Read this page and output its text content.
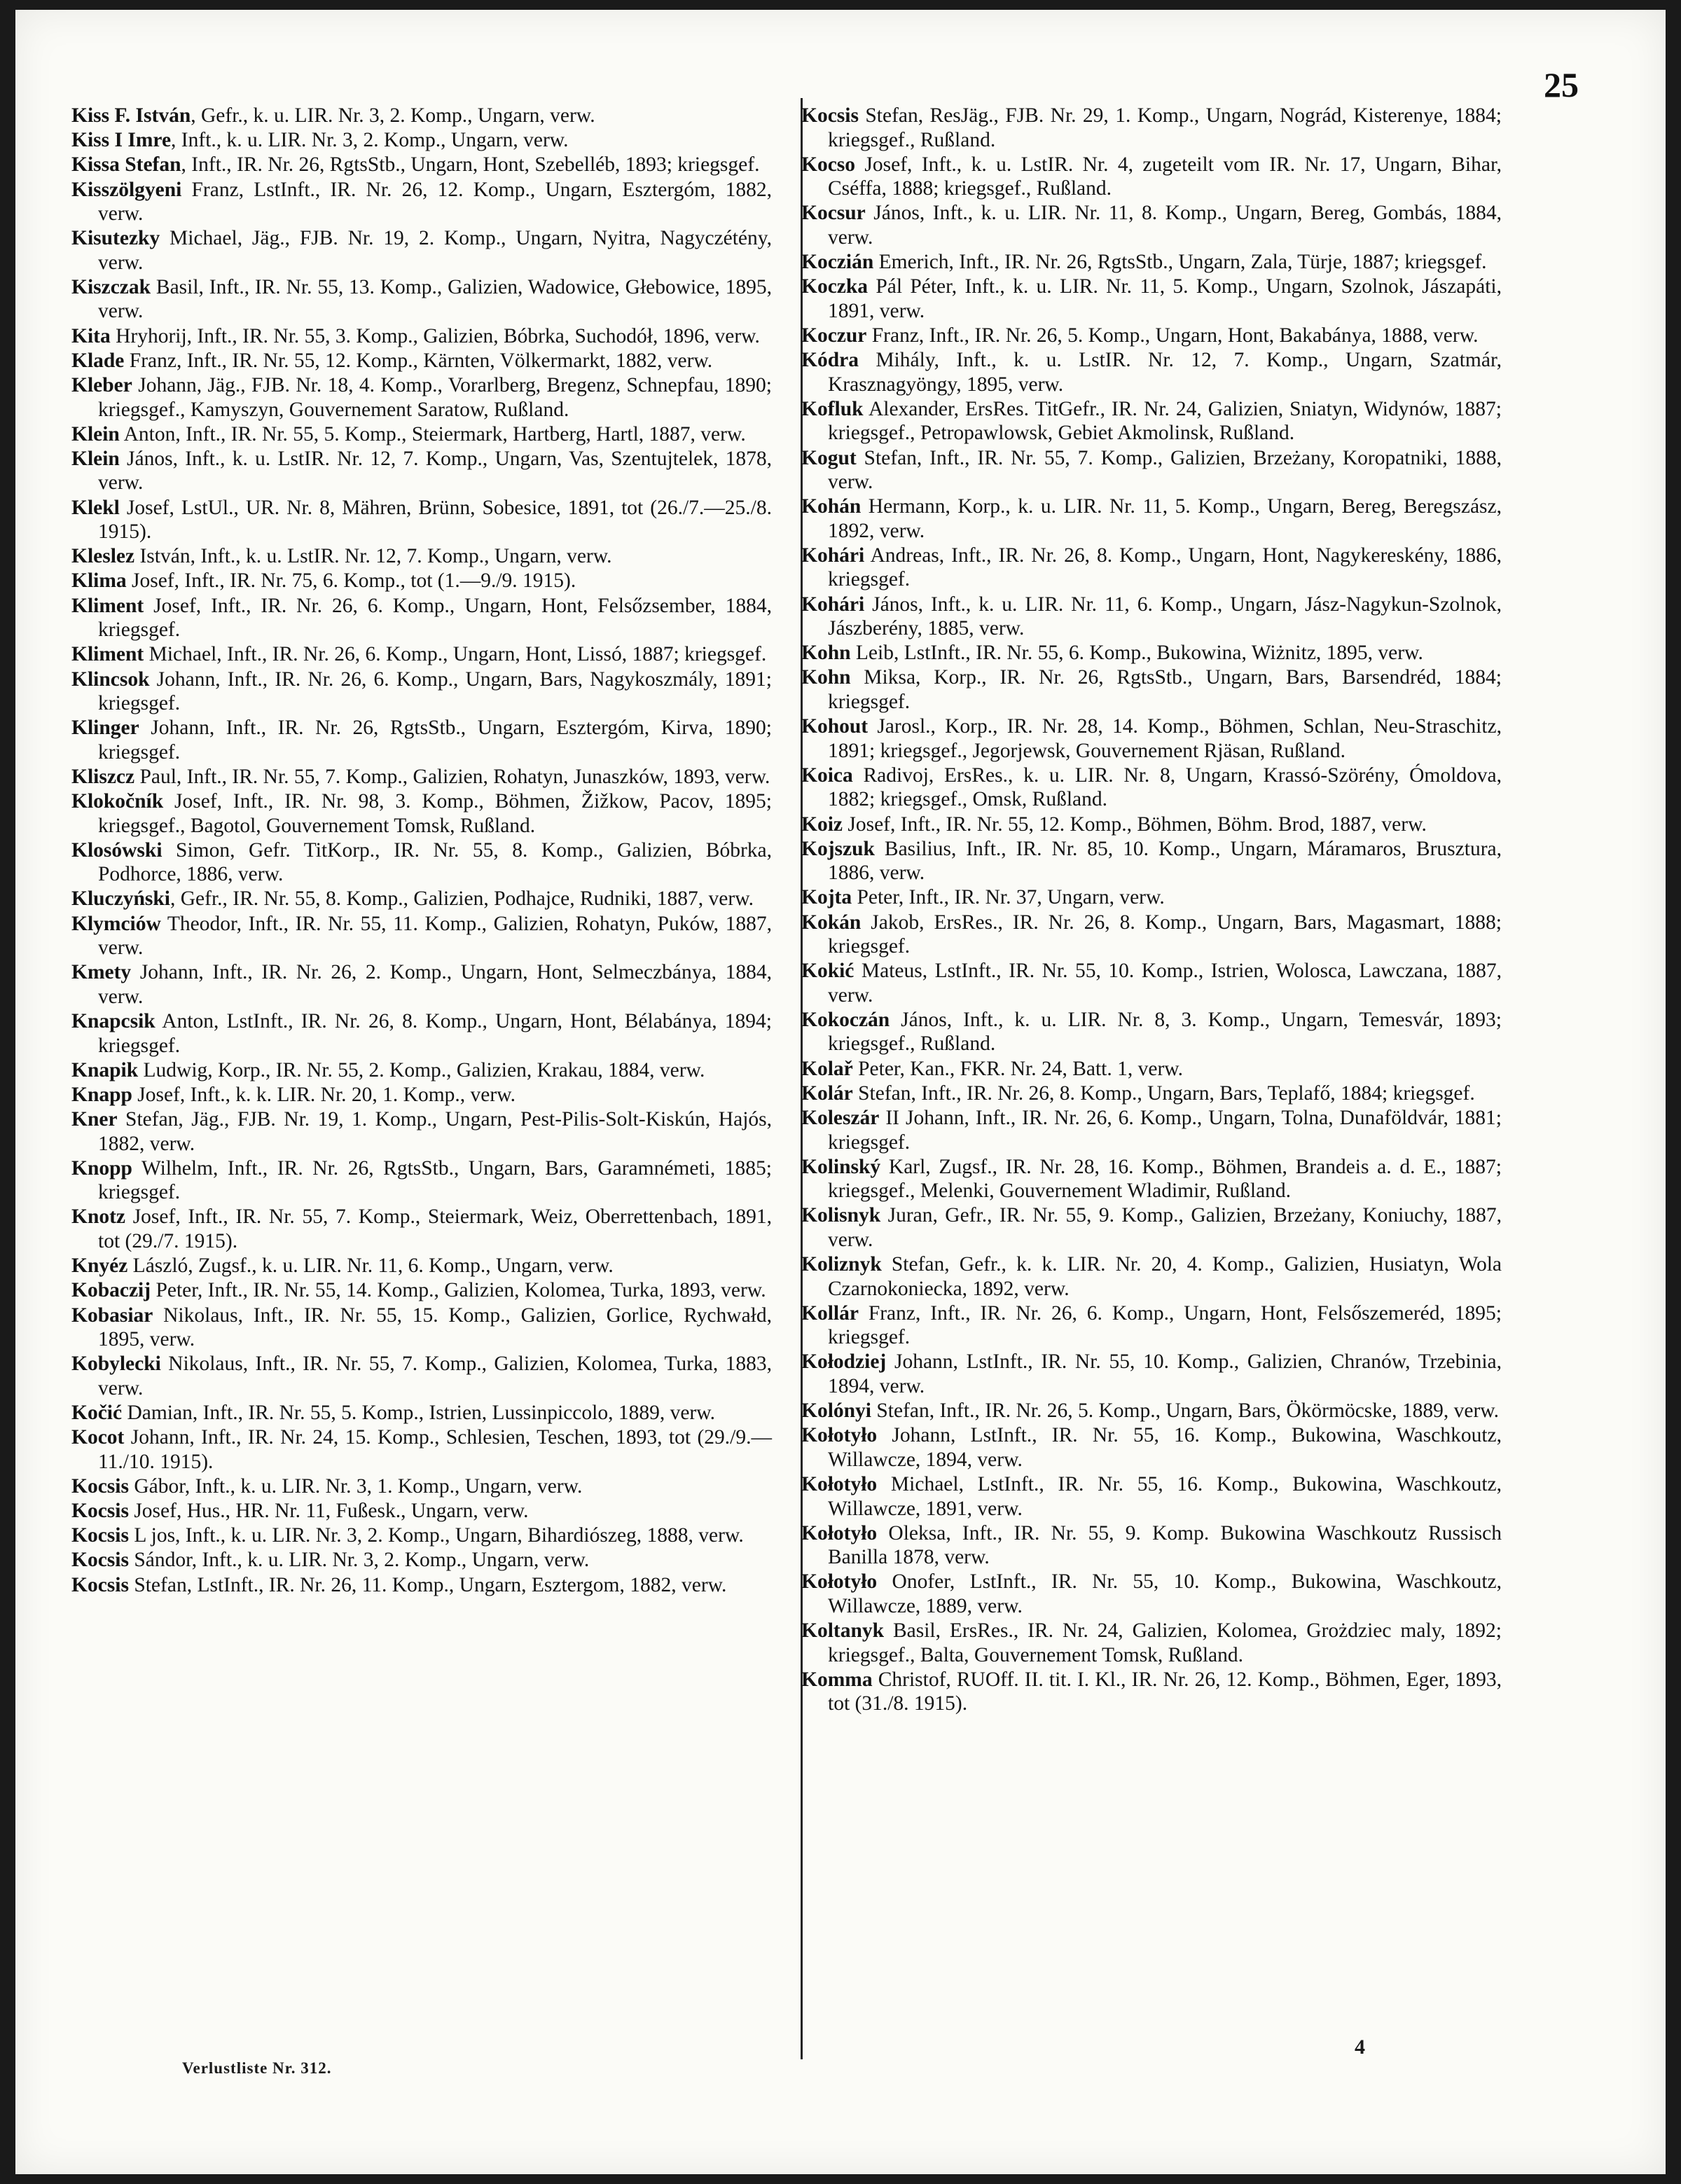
25

Kiss F. István, Gefr., k. u. LIR. Nr. 3, 2. Komp., Ungarn, verw.

Kiss I Imre, Inft., k. u. LIR. Nr. 3, 2. Komp., Ungarn, verw.

Kissa Stefan, Inft., IR. Nr. 26, RgtsStb., Ungarn, Hont, Szebelléb, 1893; kriegsgef.

Kisszölgyeni Franz, LstInft., IR. Nr. 26, 12. Komp., Ungarn, Esztergóm, 1882, verw.

Kisutezky Michael, Jäg., FJB. Nr. 19, 2. Komp., Ungarn, Nyitra, Nagyczétény, verw.

Kiszczak Basil, Inft., IR. Nr. 55, 13. Komp., Galizien, Wadowice, Głebowice, 1895, verw.

Kita Hryhorij, Inft., IR. Nr. 55, 3. Komp., Galizien, Bóbrka, Suchodół, 1896, verw.

Klade Franz, Inft., IR. Nr. 55, 12. Komp., Kärnten, Völkermarkt, 1882, verw.

Kleber Johann, Jäg., FJB. Nr. 18, 4. Komp., Vorarlberg, Bregenz, Schnepfau, 1890; kriegsgef., Kamyszyn, Gouvernement Saratow, Rußland.

Klein Anton, Inft., IR. Nr. 55, 5. Komp., Steiermark, Hartberg, Hartl, 1887, verw.

Klein János, Inft., k. u. LstIR. Nr. 12, 7. Komp., Ungarn, Vas, Szentujtelek, 1878, verw.

Klekl Josef, LstUl., UR. Nr. 8, Mähren, Brünn, Sobesice, 1891, tot (26./7.—25./8. 1915).

Kleslez István, Inft., k. u. LstIR. Nr. 12, 7. Komp., Ungarn, verw.

Klima Josef, Inft., IR. Nr. 75, 6. Komp., tot (1.—9./9. 1915).

Kliment Josef, Inft., IR. Nr. 26, 6. Komp., Ungarn, Hont, Felsőzsember, 1884, kriegsgef.

Kliment Michael, Inft., IR. Nr. 26, 6. Komp., Ungarn, Hont, Lissó, 1887; kriegsgef.

Klincsok Johann, Inft., IR. Nr. 26, 6. Komp., Ungarn, Bars, Nagykoszmály, 1891; kriegsgef.

Klinger Johann, Inft., IR. Nr. 26, RgtsStb., Ungarn, Esztergóm, Kirva, 1890; kriegsgef.

Kliszcz Paul, Inft., IR. Nr. 55, 7. Komp., Galizien, Rohatyn, Junaszków, 1893, verw.

Klokočník Josef, Inft., IR. Nr. 98, 3. Komp., Böhmen, Žižkow, Pacov, 1895; kriegsgef., Bagotol, Gouvernement Tomsk, Rußland.

Klosówski Simon, Gefr. TitKorp., IR. Nr. 55, 8. Komp., Galizien, Bóbrka, Podhorce, 1886, verw.

Kluczyński, Gefr., IR. Nr. 55, 8. Komp., Galizien, Podhajce, Rudniki, 1887, verw.

Klymciów Theodor, Inft., IR. Nr. 55, 11. Komp., Galizien, Rohatyn, Puków, 1887, verw.

Kmety Johann, Inft., IR. Nr. 26, 2. Komp., Ungarn, Hont, Selmeczbánya, 1884, verw.

Knapcsik Anton, LstInft., IR. Nr. 26, 8. Komp., Ungarn, Hont, Bélabánya, 1894; kriegsgef.

Knapik Ludwig, Korp., IR. Nr. 55, 2. Komp., Galizien, Krakau, 1884, verw.

Knapp Josef, Inft., k. k. LIR. Nr. 20, 1. Komp., verw.

Kner Stefan, Jäg., FJB. Nr. 19, 1. Komp., Ungarn, Pest-Pilis-Solt-Kiskún, Hajós, 1882, verw.

Knopp Wilhelm, Inft., IR. Nr. 26, RgtsStb., Ungarn, Bars, Garamnémeti, 1885; kriegsgef.

Knotz Josef, Inft., IR. Nr. 55, 7. Komp., Steiermark, Weiz, Oberrettenbach, 1891, tot (29./7. 1915).

Knyéz László, Zugsf., k. u. LIR. Nr. 11, 6. Komp., Ungarn, verw.

Kobaczij Peter, Inft., IR. Nr. 55, 14. Komp., Galizien, Kolomea, Turka, 1893, verw.

Kobasiar Nikolaus, Inft., IR. Nr. 55, 15. Komp., Galizien, Gorlice, Rychwałd, 1895, verw.

Kobylecki Nikolaus, Inft., IR. Nr. 55, 7. Komp., Galizien, Kolomea, Turka, 1883, verw.

Kočić Damian, Inft., IR. Nr. 55, 5. Komp., Istrien, Lussinpiccolo, 1889, verw.

Kocot Johann, Inft., IR. Nr. 24, 15. Komp., Schlesien, Teschen, 1893, tot (29./9.—11./10. 1915).

Kocsis Gábor, Inft., k. u. LIR. Nr. 3, 1. Komp., Ungarn, verw.

Kocsis Josef, Hus., HR. Nr. 11, Fußesk., Ungarn, verw.

Kocsis L jos, Inft., k. u. LIR. Nr. 3, 2. Komp., Ungarn, Bihardiószeg, 1888, verw.

Kocsis Sándor, Inft., k. u. LIR. Nr. 3, 2. Komp., Ungarn, verw.

Kocsis Stefan, LstInft., IR. Nr. 26, 11. Komp., Ungarn, Esztergom, 1882, verw.

Kocsis Stefan, ResJäg., FJB. Nr. 29, 1. Komp., Ungarn, Nográd, Kisterenye, 1884; kriegsgef., Rußland.

Kocso Josef, Inft., k. u. LstIR. Nr. 4, zugeteilt vom IR. Nr. 17, Ungarn, Bihar, Cséffa, 1888; kriegsgef., Rußland.

Kocsur János, Inft., k. u. LIR. Nr. 11, 8. Komp., Ungarn, Bereg, Gombás, 1884, verw.

Koczián Emerich, Inft., IR. Nr. 26, RgtsStb., Ungarn, Zala, Türje, 1887; kriegsgef.

Koczka Pál Péter, Inft., k. u. LIR. Nr. 11, 5. Komp., Ungarn, Szolnok, Jászapáti, 1891, verw.

Koczur Franz, Inft., IR. Nr. 26, 5. Komp., Ungarn, Hont, Bakabánya, 1888, verw.

Kódra Mihály, Inft., k. u. LstIR. Nr. 12, 7. Komp., Ungarn, Szatmár, Krasznagyöngy, 1895, verw.

Kofluk Alexander, ErsRes. TitGefr., IR. Nr. 24, Galizien, Sniatyn, Widynów, 1887; kriegsgef., Petropawlowsk, Gebiet Akmolinsk, Rußland.

Kogut Stefan, Inft., IR. Nr. 55, 7. Komp., Galizien, Brzeżany, Koropatniki, 1888, verw.

Kohán Hermann, Korp., k. u. LIR. Nr. 11, 5. Komp., Ungarn, Bereg, Beregszász, 1892, verw.

Kohári Andreas, Inft., IR. Nr. 26, 8. Komp., Ungarn, Hont, Nagykereskény, 1886, kriegsgef.

Kohári János, Inft., k. u. LIR. Nr. 11, 6. Komp., Ungarn, Jász-Nagykun-Szolnok, Jászberény, 1885, verw.

Kohn Leib, LstInft., IR. Nr. 55, 6. Komp., Bukowina, Wiżnitz, 1895, verw.

Kohn Miksa, Korp., IR. Nr. 26, RgtsStb., Ungarn, Bars, Barsendréd, 1884; kriegsgef.

Kohout Jarosl., Korp., IR. Nr. 28, 14. Komp., Böhmen, Schlan, Neu-Straschitz, 1891; kriegsgef., Jegorjewsk, Gouvernement Rjäsan, Rußland.

Koica Radivoj, ErsRes., k. u. LIR. Nr. 8, Ungarn, Krassó-Szörény, Ómoldova, 1882; kriegsgef., Omsk, Rußland.

Koiz Josef, Inft., IR. Nr. 55, 12. Komp., Böhmen, Böhm. Brod, 1887, verw.

Kojszuk Basilius, Inft., IR. Nr. 85, 10. Komp., Ungarn, Máramaros, Brusztura, 1886, verw.

Kojta Peter, Inft., IR. Nr. 37, Ungarn, verw.

Kokán Jakob, ErsRes., IR. Nr. 26, 8. Komp., Ungarn, Bars, Magasmart, 1888; kriegsgef.

Kokić Mateus, LstInft., IR. Nr. 55, 10. Komp., Istrien, Wolosca, Lawczana, 1887, verw.

Kokoczán János, Inft., k. u. LIR. Nr. 8, 3. Komp., Ungarn, Temesvár, 1893; kriegsgef., Rußland.

Kolař Peter, Kan., FKR. Nr. 24, Batt. 1, verw.

Kolár Stefan, Inft., IR. Nr. 26, 8. Komp., Ungarn, Bars, Teplafő, 1884; kriegsgef.

Koleszár II Johann, Inft., IR. Nr. 26, 6. Komp., Ungarn, Tolna, Dunaföldvár, 1881; kriegsgef.

Kolinský Karl, Zugsf., IR. Nr. 28, 16. Komp., Böhmen, Brandeis a. d. E., 1887; kriegsgef., Melenki, Gouvernement Wladimir, Rußland.

Kolisnyk Juran, Gefr., IR. Nr. 55, 9. Komp., Galizien, Brzeżany, Koniuchy, 1887, verw.

Koliznyk Stefan, Gefr., k. k. LIR. Nr. 20, 4. Komp., Galizien, Husiatyn, Wola Czarnokoniecka, 1892, verw.

Kollár Franz, Inft., IR. Nr. 26, 6. Komp., Ungarn, Hont, Felsőszemeréd, 1895; kriegsgef.

Kołodziej Johann, LstInft., IR. Nr. 55, 10. Komp., Galizien, Chranów, Trzebinia, 1894, verw.

Kolónyi Stefan, Inft., IR. Nr. 26, 5. Komp., Ungarn, Bars, Ökörmöcske, 1889, verw.

Kołotyło Johann, LstInft., IR. Nr. 55, 16. Komp., Bukowina, Waschkoutz, Willawcze, 1894, verw.

Kołotyło Michael, LstInft., IR. Nr. 55, 16. Komp., Bukowina, Waschkoutz, Willawcze, 1891, verw.

Kołotyło Oleksa, Inft., IR. Nr. 55, 9. Komp. Bukowina Waschkoutz Russisch Banilla 1878, verw.

Kołotyło Onofer, LstInft., IR. Nr. 55, 10. Komp., Bukowina, Waschkoutz, Willawcze, 1889, verw.

Koltanyk Basil, ErsRes., IR. Nr. 24, Galizien, Kolomea, Grożdziec maly, 1892; kriegsgef., Balta, Gouvernement Tomsk, Rußland.

Komma Christof, RUOff. II. tit. I. Kl., IR. Nr. 26, 12. Komp., Böhmen, Eger, 1893, tot (31./8. 1915).

Verlustliste Nr. 312.
4
